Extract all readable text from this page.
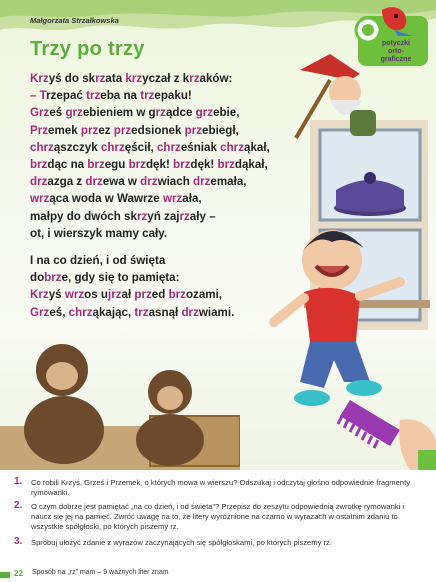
potyczki
orto-
graficzne
Małgorzata Strzałkowska
Trzy po trzy
Krzyś do skrzata krzyczał z krzaków:
– Trzepać trzeba na trzepaku!
Grześ grzebieniem w grządce grzebie,
Przemek przez przedsionek przebiegł,
chrząszczyk chrzęścił, chrześniak chrząkał,
brzdąc na brzegu brzdęk! brzdęk! brzdąkał,
drzazga z drzewa w drzwiach drzemała,
wrząca woda w Wawrze wrzała,
małpy do dwóch skrzyń zajrzały –
ot, i wierszyk mamy cały.
I na co dzień, i od święta
dobrze, gdy się to pamięta:
Krzyś wrzos ujrzał przed brzozami,
Grześ, chrząkając, trzasnął drzwiami.
1. Co robili Krzyś, Grześ i Przemek, o których mowa w wierszu? Odszukaj i odczytaj głośno odpowiednie fragmenty rymowanki.
2. O czym dobrze jest pamiętać „na co dzień, i od święta”? Przepisz do zeszytu odpowiednią zwrotkę rymowanki i naucz się jej na pamięć. Zwróć uwagę na to, że litery wyróżnione na czarno w wyrazach w ostatnim zdaniu to wszystkie spółgłoski, po których piszemy rz.
3. Spróbuj ułożyć zdanie z wyrazów zaczynających się spółgłoskami, po których piszemy rz.
22 Sposób na „rz” mam – 9 ważnych liter znam
